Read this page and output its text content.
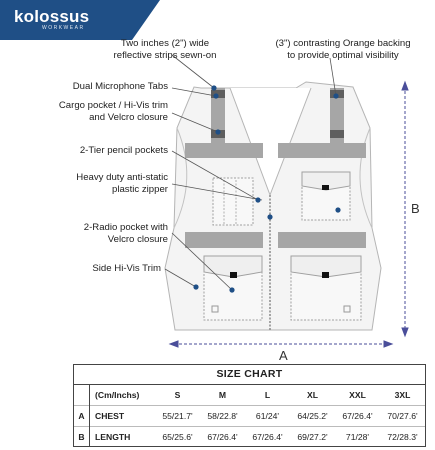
kolossus
WORKWEAR
Two inches (2") wide
reflective strips sewn-on
(3") contrasting Orange backing
to provide optimal visibility
Dual Microphone Tabs
Cargo pocket / Hi-Vis trim
and Velcro closure
2-Tier pencil pockets
Heavy duty anti-static
plastic zipper
2-Radio pocket with
Velcro closure
Side Hi-Vis Trim
A
B
SIZE CHART
	(Cm/Inchs)	S	M	L	XL	XXL	3XL
A	CHEST	55/21.7'	58/22.8'	61/24'	64/25.2'	67/26.4'	70/27.6'
B	LENGTH	65/25.6'	67/26.4'	67/26.4'	69/27.2'	71/28'	72/28.3'
